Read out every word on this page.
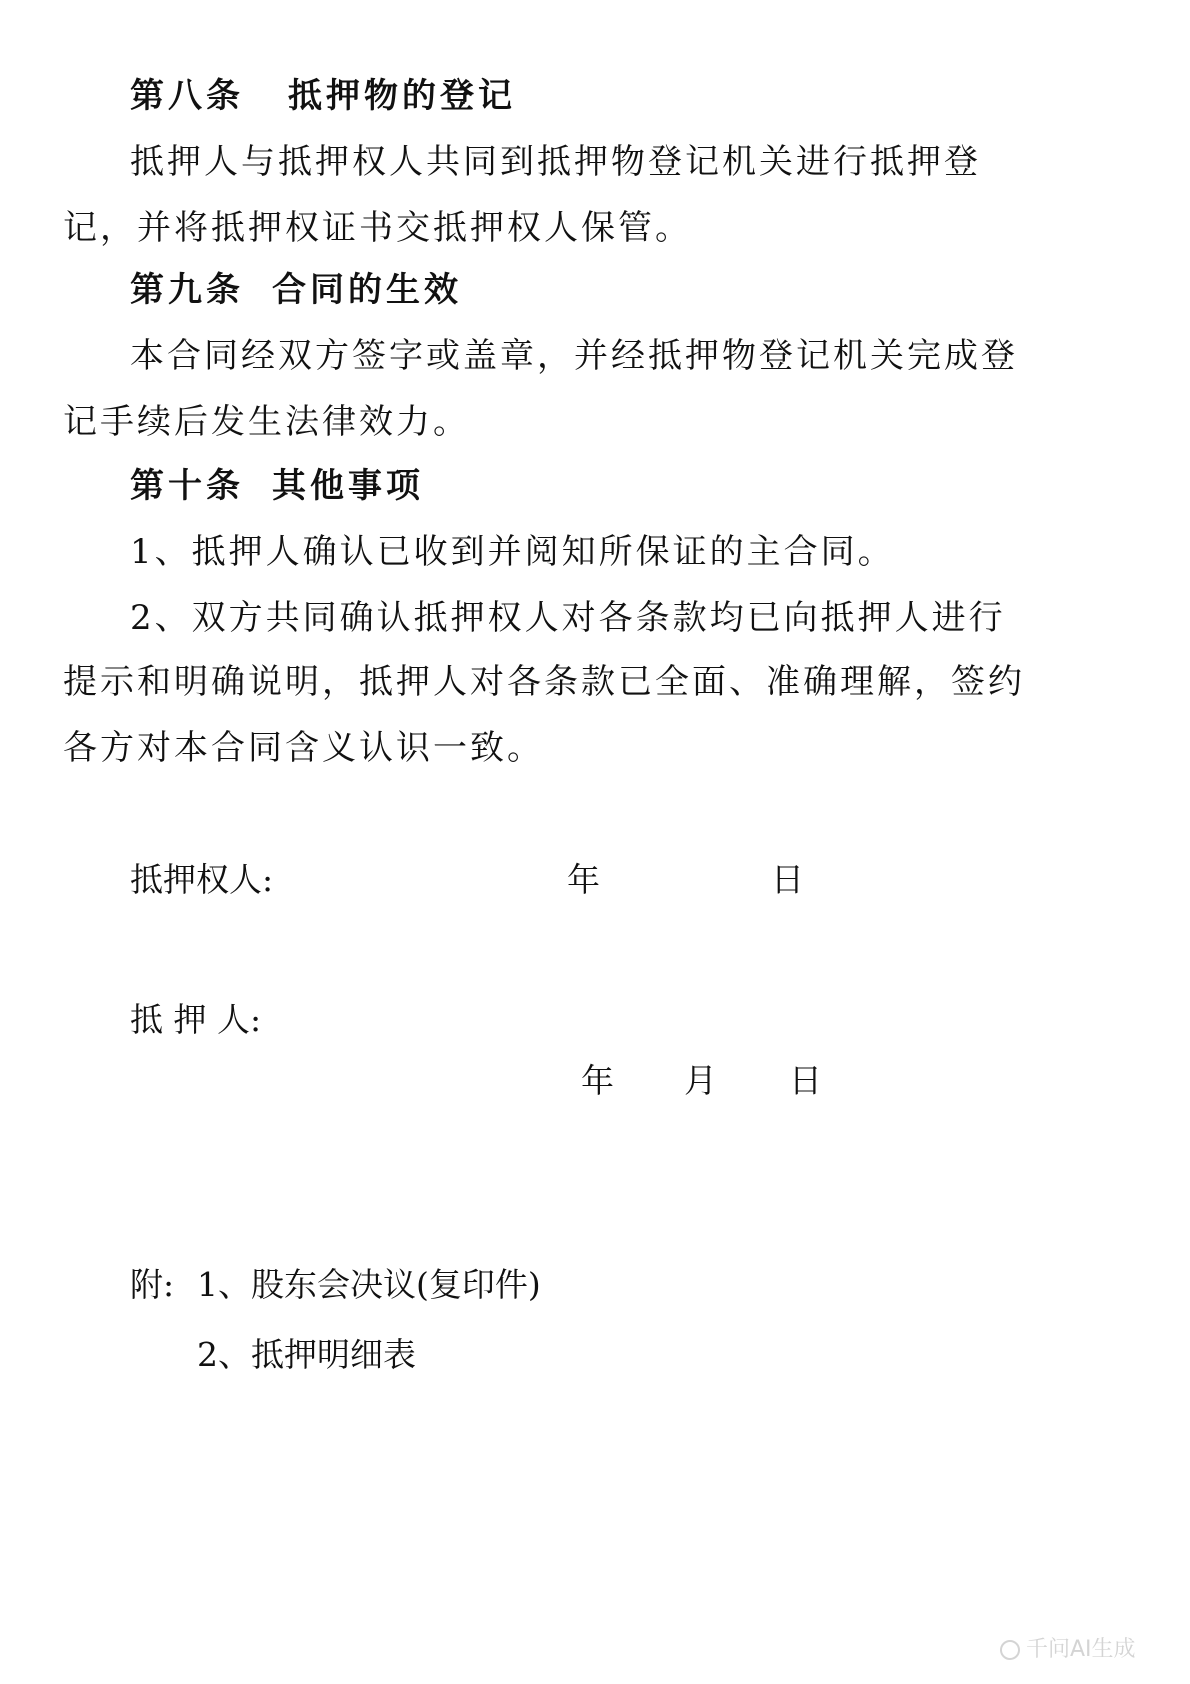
第八条 抵押物的登记
抵押人与抵押权人共同到抵押物登记机关进行抵押登
记，并将抵押权证书交抵押权人保管。
第九条 合同的生效
本合同经双方签字或盖章，并经抵押物登记机关完成登
记手续后发生法律效力。
第十条 其他事项
1、抵押人确认已收到并阅知所保证的主合同。
2、双方共同确认抵押权人对各条款均已向抵押人进行
提示和明确说明，抵押人对各条款已全面、准确理解，签约
各方对本合同含义认识一致。
抵押权人:	年	日
抵 押 人:
年 月 日
附: 1、股东会决议(复印件)
2、抵押明细表
千问AI生成
